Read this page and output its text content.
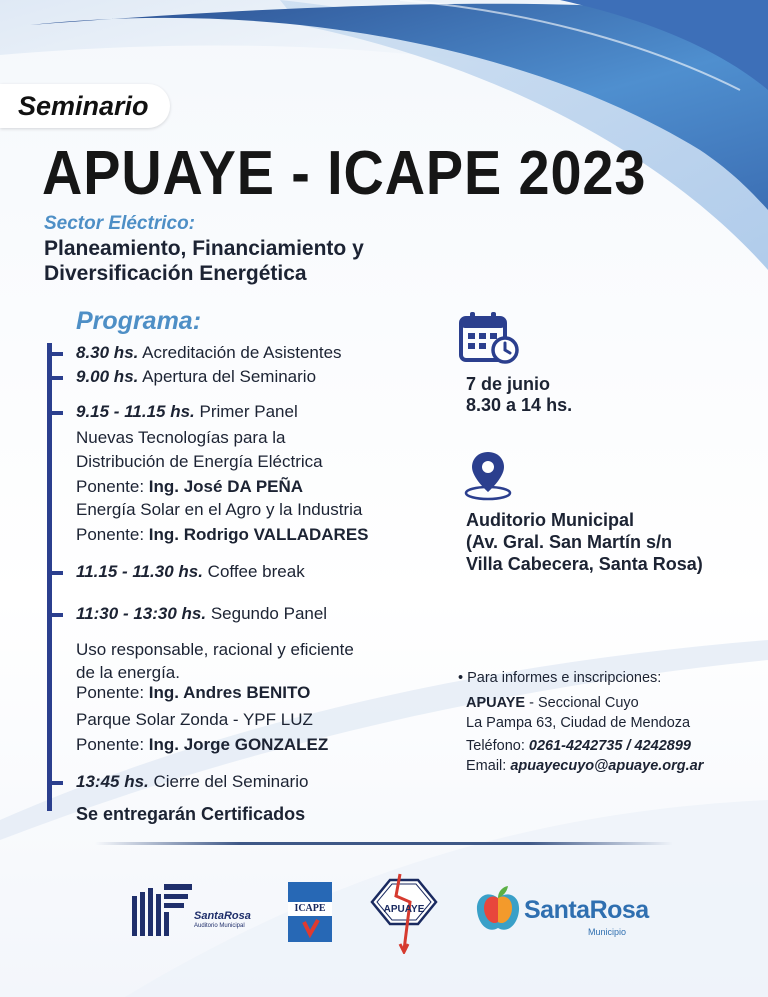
Seminario
APUAYE - ICAPE 2023
Sector Eléctrico:
Planeamiento, Financiamiento y
Diversificación Energética
Programa:
8.30 hs. Acreditación de Asistentes
9.00 hs. Apertura del Seminario
9.15 - 11.15 hs. Primer Panel
Nuevas Tecnologías para la
Distribución de Energía Eléctrica
Ponente: Ing. José DA PEÑA
Energía Solar en el Agro y la Industria
Ponente: Ing. Rodrigo VALLADARES
11.15 - 11.30 hs. Coffee break
11:30 - 13:30 hs. Segundo Panel
Uso responsable, racional y eficiente
de la energía.
Ponente: Ing. Andres BENITO
Parque Solar Zonda - YPF LUZ
Ponente: Ing. Jorge GONZALEZ
13:45 hs. Cierre del Seminario
Se entregarán Certificados
7 de junio
8.30 a 14 hs.
Auditorio Municipal
(Av. Gral. San Martín s/n
Villa Cabecera, Santa Rosa)
• Para informes e inscripciones:
APUAYE - Seccional Cuyo
La Pampa 63, Ciudad de Mendoza
Teléfono: 0261-4242735 / 4242899
Email: apuayecuyo@apuaye.org.ar
SantaRosa
Auditorio Municipal
ICAPE	APUAYE	SantaRosa
Municipio
